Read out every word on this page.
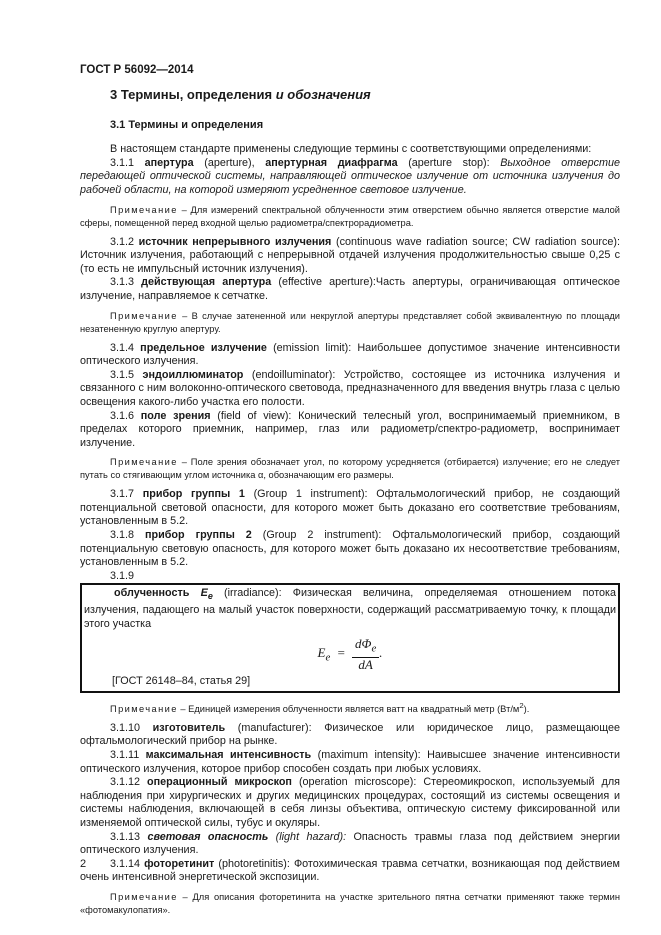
ГОСТ Р 56092—2014
3 Термины, определения и обозначения
3.1 Термины и определения

В настоящем стандарте применены следующие термины с соответствующими определениями:

3.1.1 апертура (aperture), апертурная диафрагма (aperture stop): Выходное отверстие передающей оптической системы, направляющей оптическое излучение от источника излучения до рабочей области, на которой измеряют усредненное световое излучение.

Примечание – Для измерений спектральной облученности этим отверстием обычно является отверстие малой сферы, помещенной перед входной щелью радиометра/спектрорадиометра.

3.1.2 источник непрерывного излучения (continuous wave radiation source; CW radiation source): Источник излучения, работающий с непрерывной отдачей излучения продолжительностью свыше 0,25 с (то есть не импульсный источник излучения).

3.1.3 действующая апертура (effective aperture):Часть апертуры, ограничивающая оптическое излучение, направляемое к сетчатке.

Примечание – В случае затененной или некруглой апертуры представляет собой эквивалентную по площади незатененную круглую апертуру.

3.1.4 предельное излучение (emission limit): Наибольшее допустимое значение интенсивности оптического излучения.

3.1.5 эндоиллюминатор (endoilluminator): Устройство, состоящее из источника излучения и связанного с ним волоконно-оптического световода, предназначенного для введения внутрь глаза с целью освещения какого-либо участка его полости.

3.1.6 поле зрения (field of view): Конический телесный угол, воспринимаемый приемником, в пределах которого приемник, например, глаз или радиометр/спектро-радиометр, воспринимает излучение.

Примечание – Поле зрения обозначает угол, по которому усредняется (отбирается) излучение; его не следует путать со стягивающим углом источника α, обозначающим его размеры.

3.1.7 прибор группы 1 (Group 1 instrument): Офтальмологический прибор, не создающий потенциальной световой опасности, для которого может быть доказано его соответствие требованиям, установленным в 5.2.

3.1.8 прибор группы 2 (Group 2 instrument): Офтальмологический прибор, создающий потенциальную световую опасность, для которого может быть доказано их несоответствие требованиям, установленным в 5.2.

3.1.9

облученность $E_e$ (irradiance): Физическая величина, определяемая отношением потока излучения, падающего на малый участок поверхности, содержащий рассматриваемую точку, к площади этого участка

$E_e = \frac{d\Phi_e}{dA}$ .

[ГОСТ 26148–84, статья 29]

Примечание – Единицей измерения облученности является ватт на квадратный метр $(Вт/м^2)$.

3.1.10 изготовитель (manufacturer): Физическое или юридическое лицо, размещающее офтальмологический прибор на рынке.

3.1.11 максимальная интенсивность (maximum intensity): Наивысшее значение интенсивности оптического излучения, которое прибор способен создать при любых условиях.

3.1.12 операционный микроскоп (operation microscope): Стереомикроскоп, используемый для наблюдения при хирургических и других медицинских процедурах, состоящий из системы освещения и системы наблюдения, включающей в себя линзы объектива, оптическую систему фиксированной или изменяемой оптической силы, тубус и окуляры.

3.1.13 световая опасность (light hazard): Опасность травмы глаза под действием энергии оптического излучения.

3.1.14 фоторетинит (photoretinitis): Фотохимическая травма сетчатки, возникающая под действием очень интенсивной энергетической экспозиции.

Примечание – Для описания фоторетинита на участке зрительного пятна сетчатки применяют также термин «фотомакулопатия».

2
